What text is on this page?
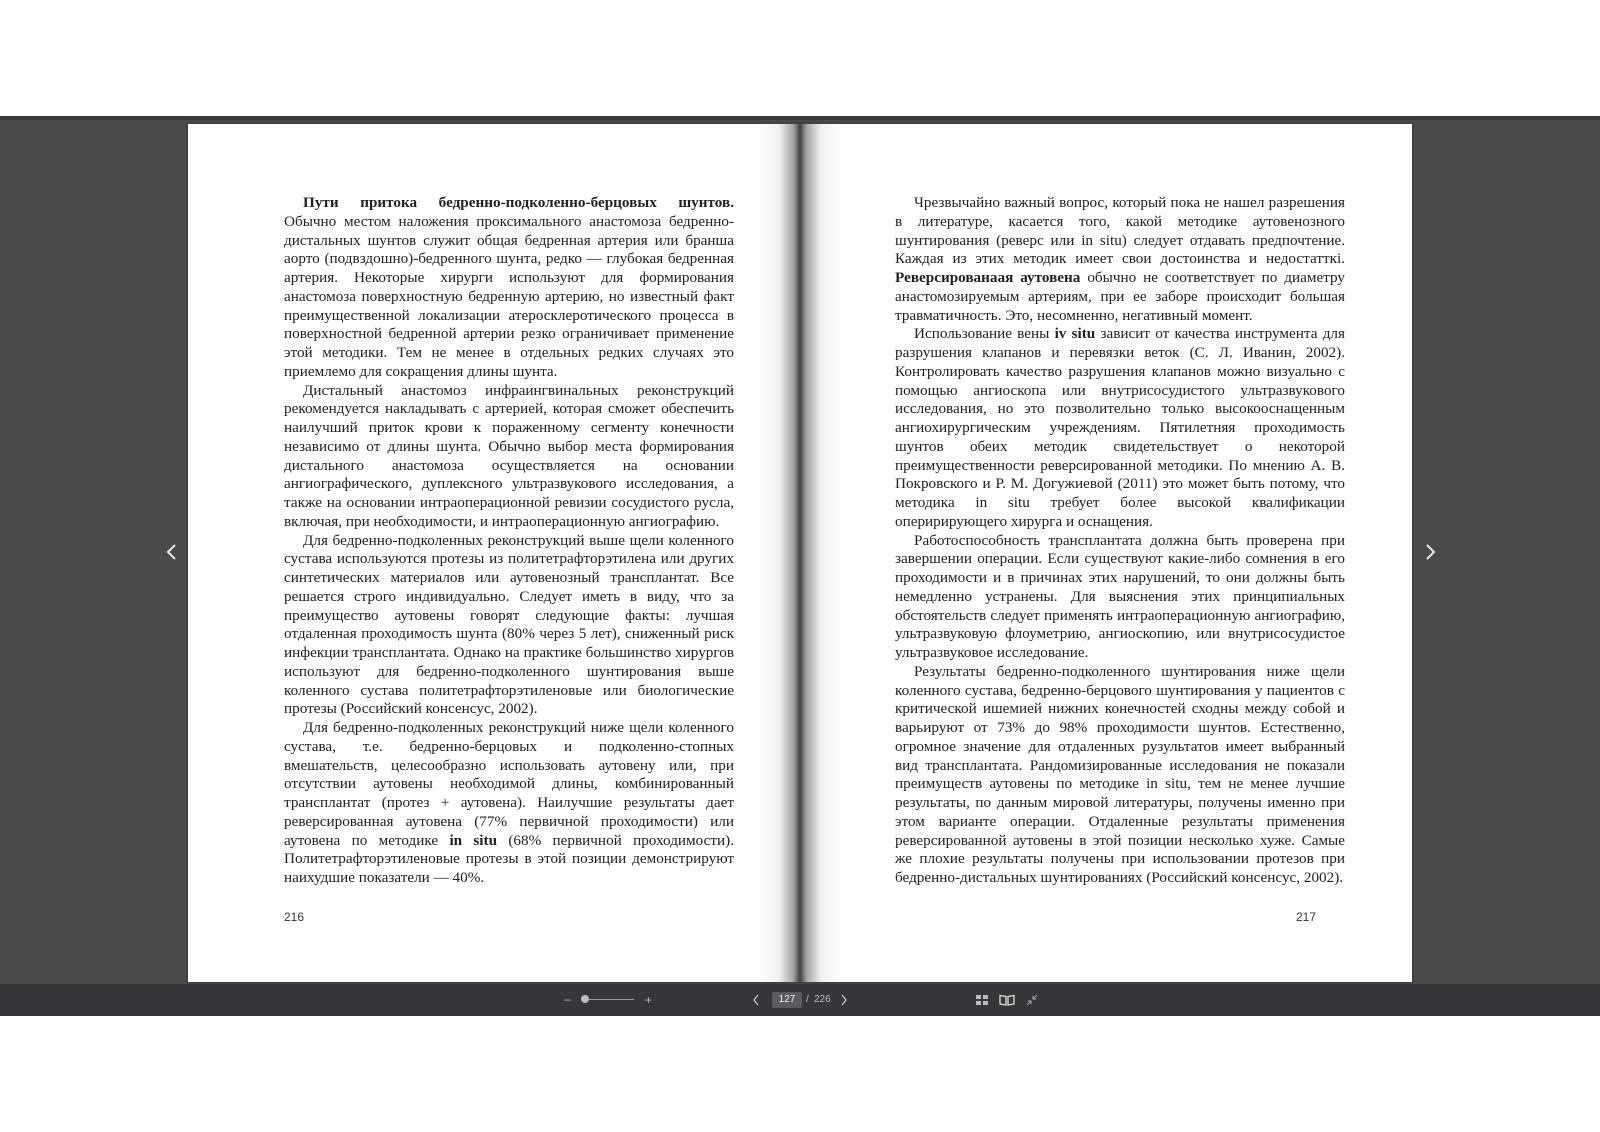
Пути притока бедренно-подколенно-берцовых шунтов. Обычно местом наложения проксимального анастомоза бедренно-дистальных шунтов служит общая бедренная артерия или бранша аорто (подвздошно)-бедренного шунта, редко — глубокая бедренная артерия. Некоторые хирурги используют для формирования анастомоза поверхностную бедренную артерию, но известный факт преимущественной локализации атеросклеротического процесса в поверхностной бедренной артерии резко ограничивает применение этой методики. Тем не менее в отдельных редких случаях это приемлемо для сокращения длины шунта.

Дистальный анастомоз инфраингвинальных реконструкций рекомендуется накладывать с артерией, которая сможет обеспечить наилучший приток крови к пораженному сегменту конечности независимо от длины шунта. Обычно выбор места формирования дистального анастомоза осуществляется на основании ангиографического, дуплексного ультразвукового исследования, а также на основании интраоперационной ревизии сосудистого русла, включая, при необходимости, и интраоперационную ангиографию.

Для бедренно-подколенных реконструкций выше щели коленного сустава используются протезы из политетрафторэтилена или других синтетических материалов или аутовенозный трансплантат. Все решается строго индивидуально. Следует иметь в виду, что за преимущество аутовены говорят следующие факты: лучшая отдаленная проходимость шунта (80% через 5 лет), сниженный риск инфекции трансплантата. Однако на практике большинство хирургов используют для бедренно-подколенного шунтирования выше коленного сустава политетрафторэтиленовые или биологические протезы (Российский консенсус, 2002).

Для бедренно-подколенных реконструкций ниже щели коленного сустава, т.е. бедренно-берцовых и подколенно-стопных вмешательств, целесообразно использовать аутовену или, при отсутствии аутовены необходимой длины, комбинированный трансплантат (протез + аутовена). Наилучшие результаты дает реверсированная аутовена (77% первичной проходимости) или аутовена по методике in situ (68% первичной проходимости). Политетрафторэтиленовые протезы в этой позиции демонстрируют наихудшие показатели — 40%.

216

Чрезвычайно важный вопрос, который пока не нашел разрешения в литературе, касается того, какой методике аутовенозного шунтирования (реверс или in situ) следует отдавать предпочтение. Каждая из этих методик имеет свои достоинства и недостатткі. Реверсированаая аутовена обычно не соответствует по диаметру анастомозируемым артериям, при ее заборе происходит большая травматичность. Это, несомненно, негативный момент.

Использование вены iv situ зависит от качества инструмента для разрушения клапанов и перевязки веток (С. Л. Иванин, 2002). Контролировать качество разрушения клапанов можно визуально с помощью ангиоскопа или внутрисосудистого ультразвукового исследования, но это позволительно только высокооснащенным ангиохирургическим учреждениям. Пятилетняя проходимость шунтов обеих методик свидетельствует о некоторой преимущественности реверсированной методики. По мнению А. В. Покровского и Р. М. Догужиевой (2011) это может быть потому, что методика in situ требует более высокой квалификации оперирирующего хирурга и оснащения.

Работоспособность трансплантата должна быть проверена при завершении операции. Если существуют какие-либо сомнения в его проходимости и в причинах этих нарушений, то они должны быть немедленно устранены. Для выяснения этих принципиальных обстоятельств следует применять интраоперационную ангиографию, ультразвуковую флоуметрию, ангиоскопию, или внутрисосудистое ультразвуковое исследование.

Результаты бедренно-подколенного шунтирования ниже щели коленного сустава, бедренно-берцового шунтирования у пациентов с критической ишемией нижних конечностей сходны между собой и варьируют от 73% до 98% проходимости шунтов. Естественно, огромное значение для отдаленных рузультатов имеет выбранный вид трансплантата. Рандомизированные исследования не показали преимуществ аутовены по методике in situ, тем не менее лучшие результаты, по данным мировой литературы, получены именно при этом варианте операции. Отдаленные результаты применения реверсированной аутовены в этой позиции несколько хуже. Самые же плохие результаты получены при использовании протезов при бедренно-дистальных шунтированиях (Российский консенсус, 2002).

217
−	+	127	/ 226
